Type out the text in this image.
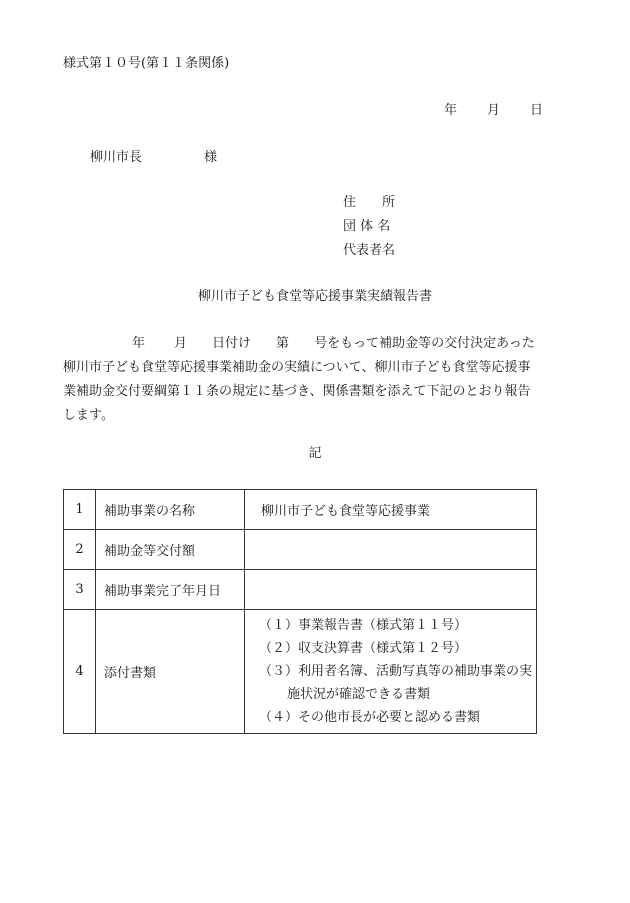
様式第１０号(第１１条関係)
年 月 日
柳川市長	様
住　　所
団 体 名
代表者名
柳川市子ども食堂等応援事業実績報告書

年 月 日付け 第 号をもって補助金等の交付決定あった

柳川市子ども食堂等応援事業補助金の実績について、柳川市子ども食堂等応援事

業補助金交付要綱第１１条の規定に基づき、関係書類を添えて下記のとおり報告

します。

記
1	補助事業の名称	柳川市子ども食堂等応援事業
2	補助金等交付額	
3	補助事業完了年月日	
4	添付書類	（１）事業報告書（様式第１１号）
（２）収支決算書（様式第１２号）
（３）利用者名簿、活動写真等の補助事業の実
施状況が確認できる書類
（４）その他市長が必要と認める書類
